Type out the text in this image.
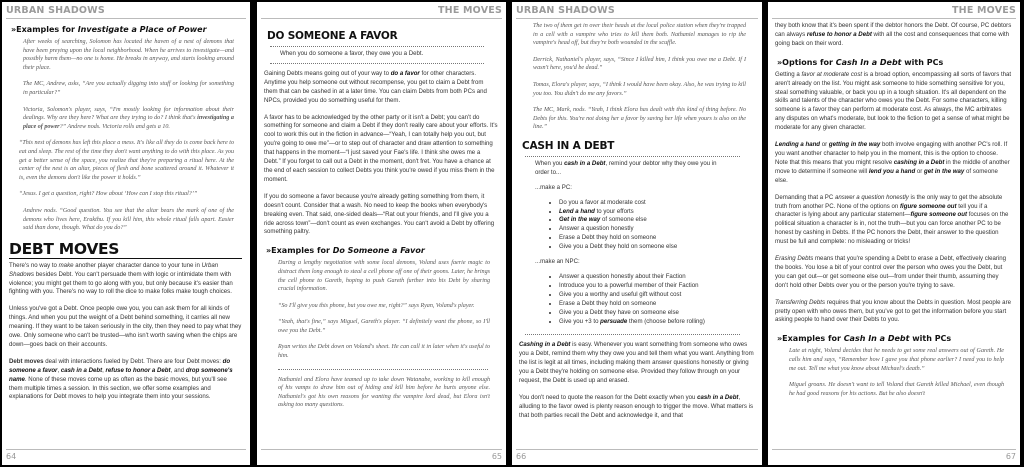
URBAN SHADOWS
»Examples for Investigate a Place of Power
After weeks of searching, Solomon has located the haven of a nest of demons that have been preying upon the local neighborhood. When he arrives to investigate—and possibly harm them—no one is home. He breaks in anyway, and starts looking around their place.
The MC, Andrew, asks, “Are you actually digging into stuff or looking for something in particular?”
Victoria, Solomon's player, says, “I'm mostly looking for information about their dealings. Why are they here? What are they trying to do? I think that's investigating a place of power?” Andrew nods. Victoria rolls and gets a 10.
“This nest of demons has left this place a mess. It's like all they do is come back here to eat and sleep. The rest of the time they don't want anything to do with this place. As you get a better sense of the space, you realize that they're preparing a ritual here. At the center of the nest is an altar, pieces of flesh and bone scattered around it. Whatever it is, even the demons don't like the power it holds.”
“Jesus. I get a question, right? How about ‘How can I stop this ritual?’”
Andrew nods. “Good question. You see that the altar bears the mark of one of the demons who lives here, Erakthu. If you kill him, this whole ritual falls apart. Easier said than done, though. What do you do?”
DEBT MOVES
There's no way to make another player character dance to your tune in Urban Shadows besides Debt. You can't persuade them with logic or intimidate them with violence; you might get them to go along with you, but only because it's easier than fighting with you. There's no way to roll the dice to make folks make tough choices.
Unless you've got a Debt. Once people owe you, you can ask them for all kinds of things. And when you put the weight of a Debt behind something, it carries all new meaning. If they want to be taken seriously in the city, then they need to pay what they owe. Only someone who can't be trusted—who isn't worth saving when the chips are down—goes back on their accounts.
Debt moves deal with interactions fueled by Debt. There are four Debt moves: do someone a favor, cash in a Debt, refuse to honor a Debt, and drop someone's name. None of these moves come up as often as the basic moves, but you'll see them multiple times a session. In this section, we offer some examples and explanations for Debt moves to help you integrate them into your sessions.
64
THE MOVES
DO SOMEONE A FAVOR
When you do someone a favor, they owe you a Debt.
Gaining Debts means going out of your way to do a favor for other characters. Anytime you help someone out without recompense, you get to claim a Debt from them that can be cashed in at a later time. You can claim Debts from both PCs and NPCs, provided you do something useful for them.
A favor has to be acknowledged by the other party or it isn't a Debt; you can't do something for someone and claim a Debt if they don't really care about your efforts. It's cool to work this out in the fiction in advance—“Yeah, I can totally help you out, but you're going to owe me”—or to step out of character and draw attention to something that happens in the moment—“I just saved your Fae's life. I think she owes me a Debt.” If you forget to call out a Debt in the moment, don't fret. You have a chance at the end of each session to collect Debts you think you're owed if you miss them in the moment.
If you do someone a favor because you're already getting something from them, it doesn't count. Consider that a wash. No need to keep the books when everybody's breaking even. That said, one-sided deals—“Rat out your friends, and I'll give you a ride across town”—don't count as even exchanges. You can't avoid a Debt by offering something paltry.
»Examples for Do Someone a Favor
During a lengthy negotiation with some local demons, Voland uses faerie magic to distract them long enough to steal a cell phone off one of their goons. Later, he brings the cell phone to Gareth, hoping to push Gareth further into his Debt by sharing crucial information.
“So I'll give you this phone, but you owe me, right?” says Ryan, Voland's player.
“Yeah, that's fine,” says Miguel, Gareth's player. “I definitely want the phone, so I'll owe you the Debt.”
Ryan writes the Debt down on Voland's sheet. He can call it in later when it's useful to him.
Nathaniel and Elora have teamed up to take down Watanabe, working to kill enough of his vamps to draw him out of hiding and kill him before he hurts anyone else. Nathaniel's got his own reasons for wanting the vampire lord dead, but Elora isn't asking too many questions.
65
URBAN SHADOWS
The two of them get in over their heads at the local police station when they're trapped in a cell with a vampire who tries to kill them both. Nathaniel manages to rip the vampire's head off, but they're both wounded in the scuffle.
Derrick, Nathaniel's player, says, “Since I killed him, I think you owe me a Debt. If I wasn't here, you'd be dead.”
Tomas, Elora's player, says, “I think I would have been okay. Also, he was trying to kill you too. You didn't do me any favors.”
The MC, Mark, nods. “Yeah, I think Elora has dealt with this kind of thing before. No Debts for this. You're not doing her a favor by saving her life when yours is also on the line.”
CASH IN A DEBT
When you cash in a Debt, remind your debtor why they owe you in order to...
...make a PC:
• Do you a favor at moderate cost
• Lend a hand to your efforts
• Get in the way of someone else
• Answer a question honestly
• Erase a Debt they hold on someone
• Give you a Debt they hold on someone else
...make an NPC:
• Answer a question honestly about their Faction
• Introduce you to a powerful member of their Faction
• Give you a worthy and useful gift without cost
• Erase a Debt they hold on someone
• Give you a Debt they have on someone else
• Give you +3 to persuade them (choose before rolling)
Cashing in a Debt is easy. Whenever you want something from someone who owes you a Debt, remind them why they owe you and tell them what you want. Anything from the list is legit at all times, including making them answer questions honestly or giving you a Debt they're holding on someone else. Provided they follow through on your request, the Debt is used up and erased.
You don't need to quote the reason for the Debt exactly when you cash in a Debt, alluding to the favor owed is plenty reason enough to trigger the move. What matters is that both parties recall the Debt and acknowledge it, and that
66
THE MOVES
they both know that it's been spent if the debtor honors the Debt. Of course, PC debtors can always refuse to honor a Debt with all the cost and consequences that come with going back on their word.
»Options for Cash In a Debt with PCs
Getting a favor at moderate cost is a broad option, encompassing all sorts of favors that aren't already on the list. You might ask someone to hide something sensitive for you, steal something valuable, or back you up in a tough situation. It's all dependent on the skills and talents of the character who owes you the Debt. For some characters, killing someone is a favor they can perform at moderate cost. As always, the MC arbitrates any disputes on what's moderate, but look to the fiction to get a sense of what might be moderate for any given character.
Lending a hand or getting in the way both involve engaging with another PC's roll. If you want another character to help you in the moment, this is the option to choose. Note that this means that you might resolve cashing in a Debt in the middle of another move to determine if someone will lend you a hand or get in the way of someone else.
Demanding that a PC answer a question honestly is the only way to get the absolute truth from another PC. None of the options on figure someone out tell you if a character is lying about any particular statement—figure someone out focuses on the political situation a character is in, not the truth—but you can force another PC to be honest by cashing in Debts. If the PC honors the Debt, their answer to the question must be full and complete: no misleading or tricks!
Erasing Debts means that you're spending a Debt to erase a Debt, effectively clearing the books. You lose a bit of your control over the person who owes you the Debt, but you can get out—or get someone else out—from under their thumb, assuming they don't hold other Debts over you or the person you're trying to save.
Transferring Debts requires that you know about the Debts in question. Most people are pretty open with who owes them, but you've got to get the information before you start asking people to hand over their Debts to you.
»Examples for Cash In a Debt with PCs
Late at night, Voland decides that he needs to get some real answers out of Gareth. He calls him and says, “Remember how I gave you that phone earlier? I need you to help me out. Tell me what you know about Michael's death.”
Miguel groans. He doesn't want to tell Voland that Gareth killed Michael, even though he had good reasons for his actions. But he also doesn't
67
